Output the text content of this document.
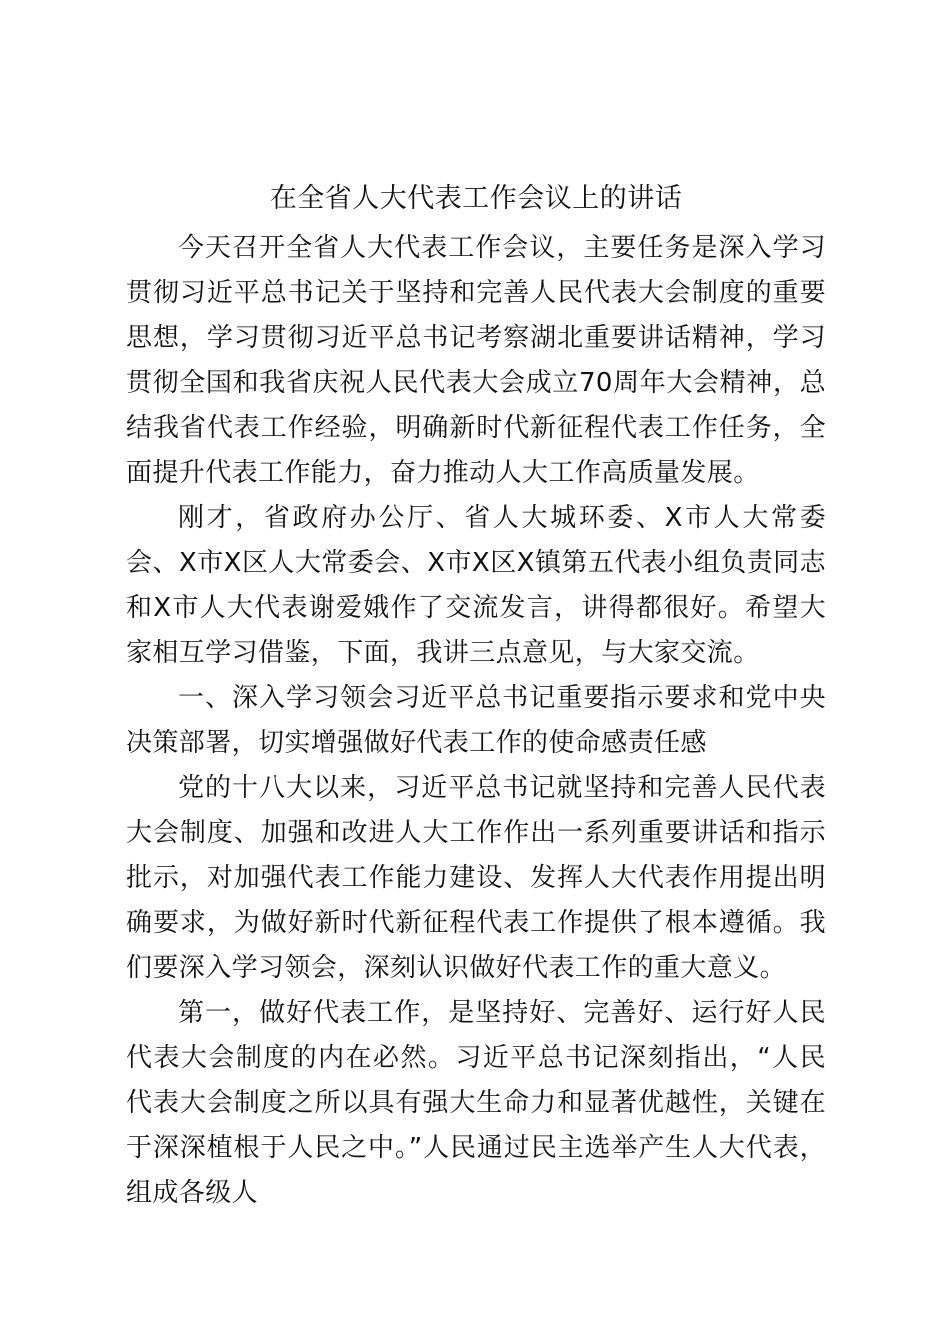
在全省人大代表工作会议上的讲话

今天召开全省人大代表工作会议，主要任务是深入学习贯彻习近平总书记关于坚持和完善人民代表大会制度的重要思想，学习贯彻习近平总书记考察湖北重要讲话精神，学习贯彻全国和我省庆祝人民代表大会成立70周年大会精神，总结我省代表工作经验，明确新时代新征程代表工作任务，全面提升代表工作能力，奋力推动人大工作高质量发展。

刚才，省政府办公厅、省人大城环委、X市人大常委会、X市X区人大常委会、X市X区X镇第五代表小组负责同志和X市人大代表谢爱娥作了交流发言，讲得都很好。希望大家相互学习借鉴，下面，我讲三点意见，与大家交流。

一、深入学习领会习近平总书记重要指示要求和党中央决策部署，切实增强做好代表工作的使命感责任感

党的十八大以来，习近平总书记就坚持和完善人民代表大会制度、加强和改进人大工作作出一系列重要讲话和指示批示，对加强代表工作能力建设、发挥人大代表作用提出明确要求，为做好新时代新征程代表工作提供了根本遵循。我们要深入学习领会，深刻认识做好代表工作的重大意义。

第一，做好代表工作，是坚持好、完善好、运行好人民代表大会制度的内在必然。习近平总书记深刻指出，“人民代表大会制度之所以具有强大生命力和显著优越性，关键在于深深植根于人民之中。”人民通过民主选举产生人大代表，组成各级人
